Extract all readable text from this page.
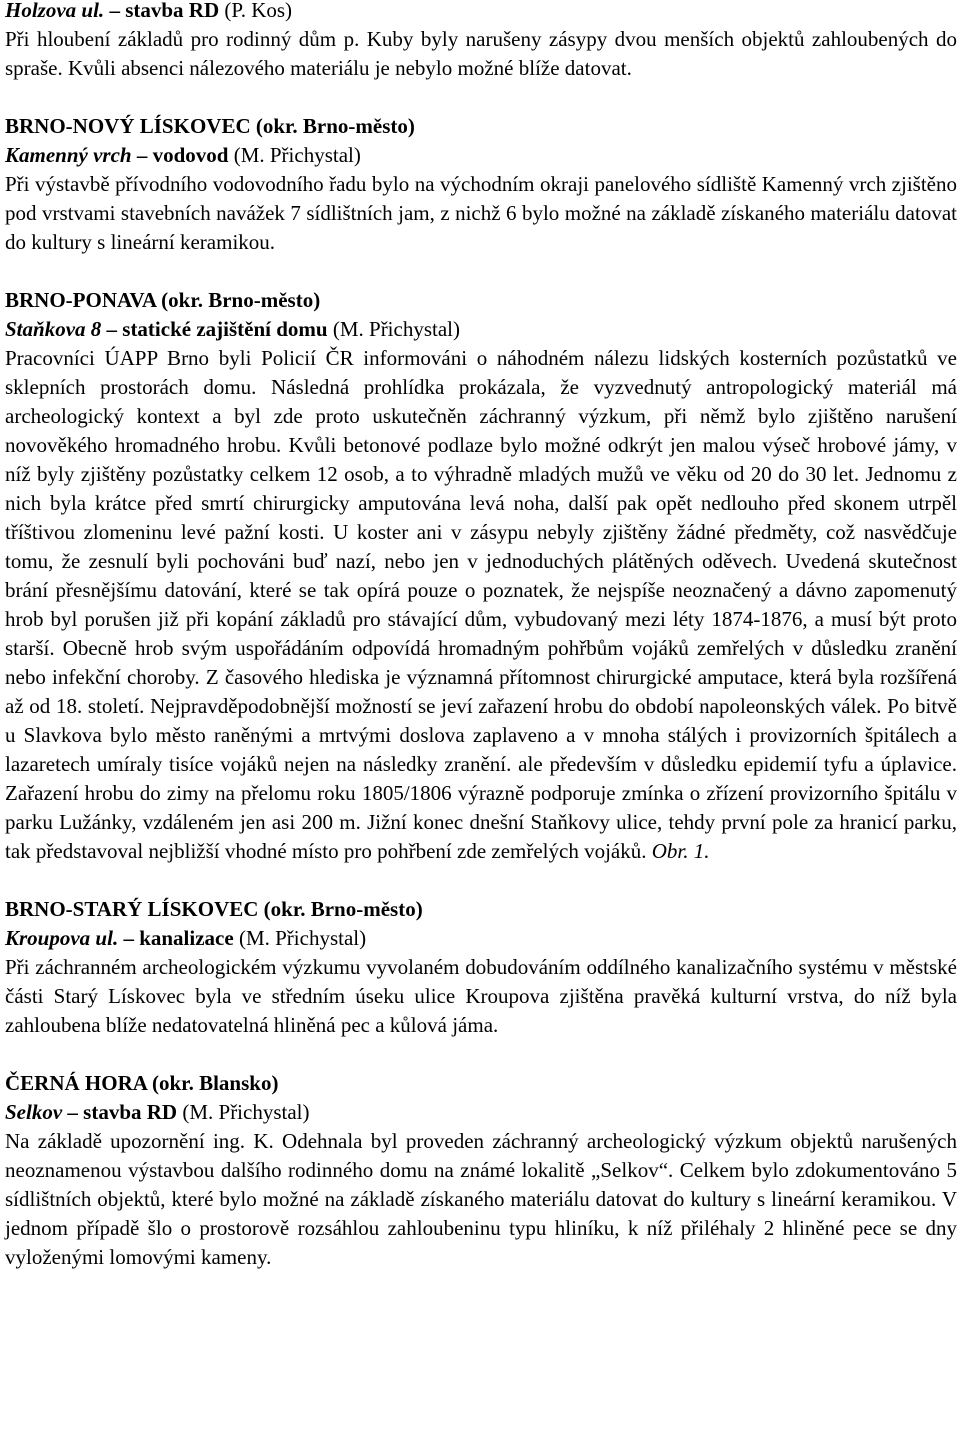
Holzova ul. – stavba RD (P. Kos)

Při hloubení základů pro rodinný dům p. Kuby byly narušeny zásypy dvou menších objektů zahloubených do spraše. Kvůli absenci nálezového materiálu je nebylo možné blíže datovat.

BRNO-NOVÝ LÍSKOVEC (okr. Brno-město)

Kamenný vrch – vodovod (M. Přichystal)

Při výstavbě přívodního vodovodního řadu bylo na východním okraji panelového sídliště Kamenný vrch zjištěno pod vrstvami stavebních navážek 7 sídlištních jam, z nichž 6 bylo možné na základě získaného materiálu datovat do kultury s lineární keramikou.

BRNO-PONAVA (okr. Brno-město)

Staňkova 8 – statické zajištění domu (M. Přichystal)

Pracovníci ÚAPP Brno byli Policií ČR informováni o náhodném nálezu lidských kosterních pozůstatků ve sklepních prostorách domu. Následná prohlídka prokázala, že vyzvednutý antropologický materiál má archeologický kontext a byl zde proto uskutečněn záchranný výzkum, při němž bylo zjištěno narušení novověkého hromadného hrobu. Kvůli betonové podlaze bylo možné odkrýt jen malou výseč hrobové jámy, v níž byly zjištěny pozůstatky celkem 12 osob, a to výhradně mladých mužů ve věku od 20 do 30 let. Jednomu z nich byla krátce před smrtí chirurgicky amputována levá noha, další pak opět nedlouho před skonem utrpěl tříštivou zlomeninu levé pažní kosti. U koster ani v zásypu nebyly zjištěny žádné předměty, což nasvědčuje tomu, že zesnulí byli pochováni buď nazí, nebo jen v jednoduchých plátěných oděvech. Uvedená skutečnost brání přesnějšímu datování, které se tak opírá pouze o poznatek, že nejspíše neoznačený a dávno zapomenutý hrob byl porušen již při kopání základů pro stávající dům, vybudovaný mezi léty 1874-1876, a musí být proto starší. Obecně hrob svým uspořádáním odpovídá hromadným pohřbům vojáků zemřelých v důsledku zranění nebo infekční choroby. Z časového hlediska je významná přítomnost chirurgické amputace, která byla rozšířená až od 18. století. Nejpravděpodobnější možností se jeví zařazení hrobu do období napoleonských válek. Po bitvě u Slavkova bylo město raněnými a mrtvými doslova zaplaveno a v mnoha stálých i provizorních špitálech a lazaretech umíraly tisíce vojáků nejen na následky zranění. ale především v důsledku epidemií tyfu a úplavice. Zařazení hrobu do zimy na přelomu roku 1805/1806 výrazně podporuje zmínka o zřízení provizorního špitálu v parku Lužánky, vzdáleném jen asi 200 m. Jižní konec dnešní Staňkovy ulice, tehdy první pole za hranicí parku, tak představoval nejbližší vhodné místo pro pohřbení zde zemřelých vojáků. Obr. 1.

BRNO-STARÝ LÍSKOVEC (okr. Brno-město)

Kroupova ul. – kanalizace (M. Přichystal)

Při záchranném archeologickém výzkumu vyvolaném dobudováním oddílného kanalizačního systému v městské části Starý Lískovec byla ve středním úseku ulice Kroupova zjištěna pravěká kulturní vrstva, do níž byla zahloubena blíže nedatovatelná hliněná pec a kůlová jáma.

ČERNÁ HORA (okr. Blansko)

Selkov – stavba RD (M. Přichystal)

Na základě upozornění ing. K. Odehnala byl proveden záchranný archeologický výzkum objektů narušených neoznamenou výstavbou dalšího rodinného domu na známé lokalitě „Selkov“. Celkem bylo zdokumentováno 5 sídlištních objektů, které bylo možné na základě získaného materiálu datovat do kultury s lineární keramikou. V jednom případě šlo o prostorově rozsáhlou zahloubeninu typu hliníku, k níž přiléhaly 2 hliněné pece se dny vyloženými lomovými kameny.
